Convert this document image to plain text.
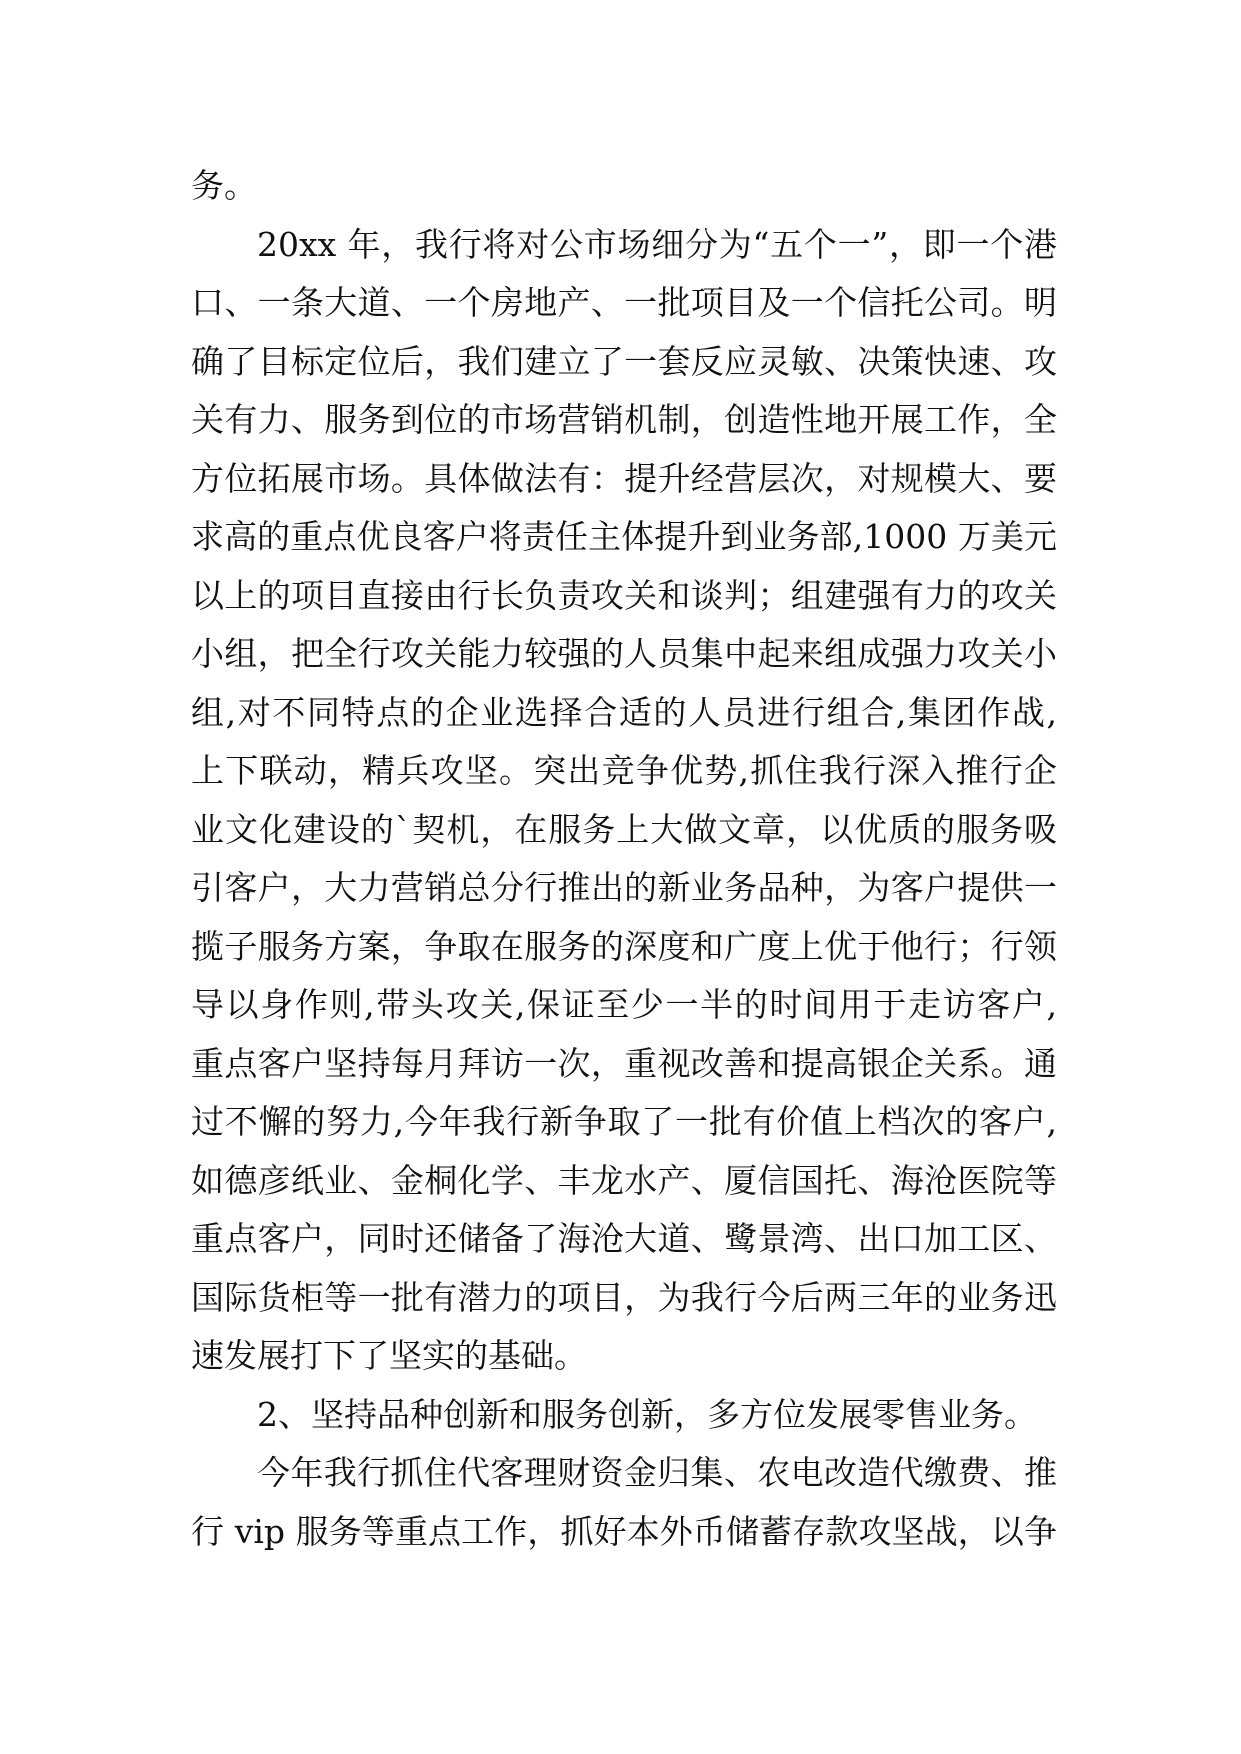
务。
20xx 年，我行将对公市场细分为“五个一”，即一个港
口、一条大道、一个房地产、一批项目及一个信托公司。明
确了目标定位后，我们建立了一套反应灵敏、决策快速、攻
关有力、服务到位的市场营销机制，创造性地开展工作，全
方位拓展市场。具体做法有：提升经营层次，对规模大、要
求高的重点优良客户将责任主体提升到业务部,1000 万美元
以上的项目直接由行长负责攻关和谈判；组建强有力的攻关
小组，把全行攻关能力较强的人员集中起来组成强力攻关小
组,对不同特点的企业选择合适的人员进行组合,集团作战,
上下联动，精兵攻坚。突出竞争优势,抓住我行深入推行企
业文化建设的`契机，在服务上大做文章，以优质的服务吸
引客户，大力营销总分行推出的新业务品种，为客户提供一
揽子服务方案，争取在服务的深度和广度上优于他行；行领
导以身作则,带头攻关,保证至少一半的时间用于走访客户,
重点客户坚持每月拜访一次，重视改善和提高银企关系。通
过不懈的努力,今年我行新争取了一批有价值上档次的客户,
如德彦纸业、金桐化学、丰龙水产、厦信国托、海沧医院等
重点客户，同时还储备了海沧大道、鹭景湾、出口加工区、
国际货柜等一批有潜力的项目，为我行今后两三年的业务迅
速发展打下了坚实的基础。
2、坚持品种创新和服务创新，多方位发展零售业务。
今年我行抓住代客理财资金归集、农电改造代缴费、推
行 vip 服务等重点工作，抓好本外币储蓄存款攻坚战，以争
